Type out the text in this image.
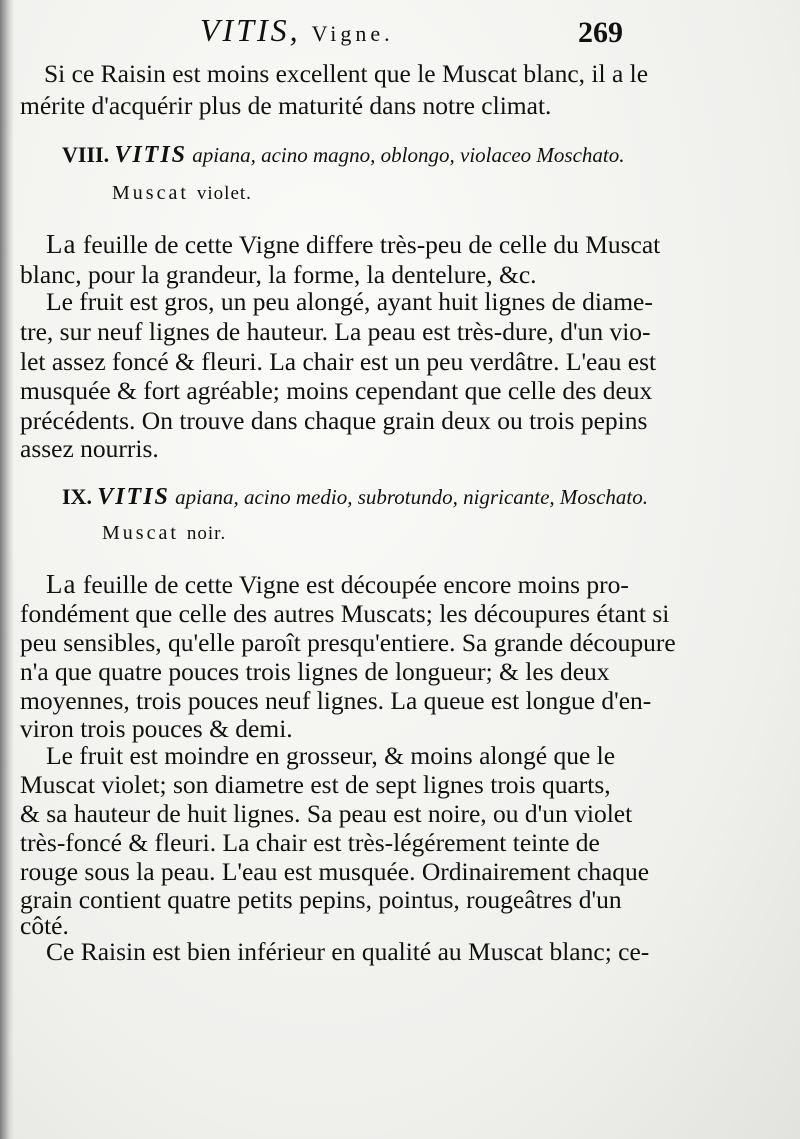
VITIS, Vigne.	269
Si ce Raisin est moins excellent que le Muscat blanc, il a le
mérite d'acquérir plus de maturité dans notre climat.
VIII. VITIS apiana, acino magno, oblongo, violaceo Moschato.
Muscat violet.
La feuille de cette Vigne differe très-peu de celle du Muscat
blanc, pour la grandeur, la forme, la dentelure, &c.
Le fruit est gros, un peu alongé, ayant huit lignes de diame-
tre, sur neuf lignes de hauteur. La peau est très-dure, d'un vio-
let assez foncé & fleuri. La chair est un peu verdâtre. L'eau est
musquée & fort agréable; moins cependant que celle des deux
précédents. On trouve dans chaque grain deux ou trois pepins
assez nourris.
IX. VITIS apiana, acino medio, subrotundo, nigricante, Moschato.
Muscat noir.
La feuille de cette Vigne est découpée encore moins pro-
fondément que celle des autres Muscats; les découpures étant si
peu sensibles, qu'elle paroît presqu'entiere. Sa grande découpure
n'a que quatre pouces trois lignes de longueur; & les deux
moyennes, trois pouces neuf lignes. La queue est longue d'en-
viron trois pouces & demi.
Le fruit est moindre en grosseur, & moins alongé que le
Muscat violet; son diametre est de sept lignes trois quarts,
& sa hauteur de huit lignes. Sa peau est noire, ou d'un violet
très-foncé & fleuri. La chair est très-légérement teinte de
rouge sous la peau. L'eau est musquée. Ordinairement chaque
grain contient quatre petits pepins, pointus, rougeâtres d'un
côté.
Ce Raisin est bien inférieur en qualité au Muscat blanc; ce-
